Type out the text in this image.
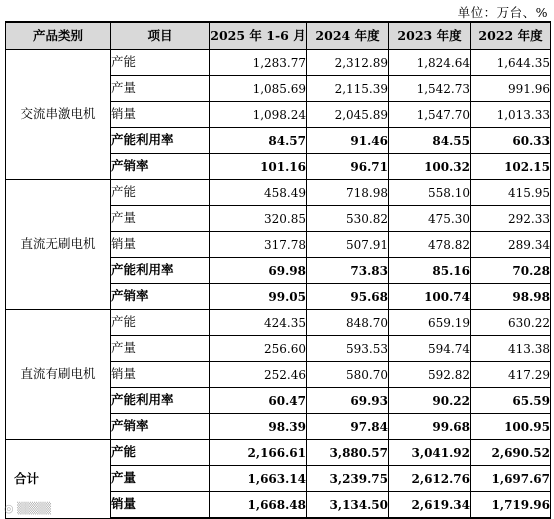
单位：万台、%
产品类别	项目	2025 年 1-6 月	2024 年度	2023 年度	2022 年度
交流串激电机	产能	1,283.77	2,312.89	1,824.64	1,644.35
	产量	1,085.69	2,115.39	1,542.73	991.96
	销量	1,098.24	2,045.89	1,547.70	1,013.33
	产能利用率	84.57	91.46	84.55	60.33
	产销率	101.16	96.71	100.32	102.15
直流无刷电机	产能	458.49	718.98	558.10	415.95
	产量	320.85	530.82	475.30	292.33
	销量	317.78	507.91	478.82	289.34
	产能利用率	69.98	73.83	85.16	70.28
	产销率	99.05	95.68	100.74	98.98
直流有刷电机	产能	424.35	848.70	659.19	630.22
	产量	256.60	593.53	594.74	413.38
	销量	252.46	580.70	592.82	417.29
	产能利用率	60.47	69.93	90.22	65.59
	产销率	98.39	97.84	99.68	100.95
合计	产能	2,166.61	3,880.57	3,041.92	2,690.52
	产量	1,663.14	3,239.75	2,612.76	1,697.67
	销量	1,668.48	3,134.50	2,619.34	1,719.96
◎ ▒▒▒▒
